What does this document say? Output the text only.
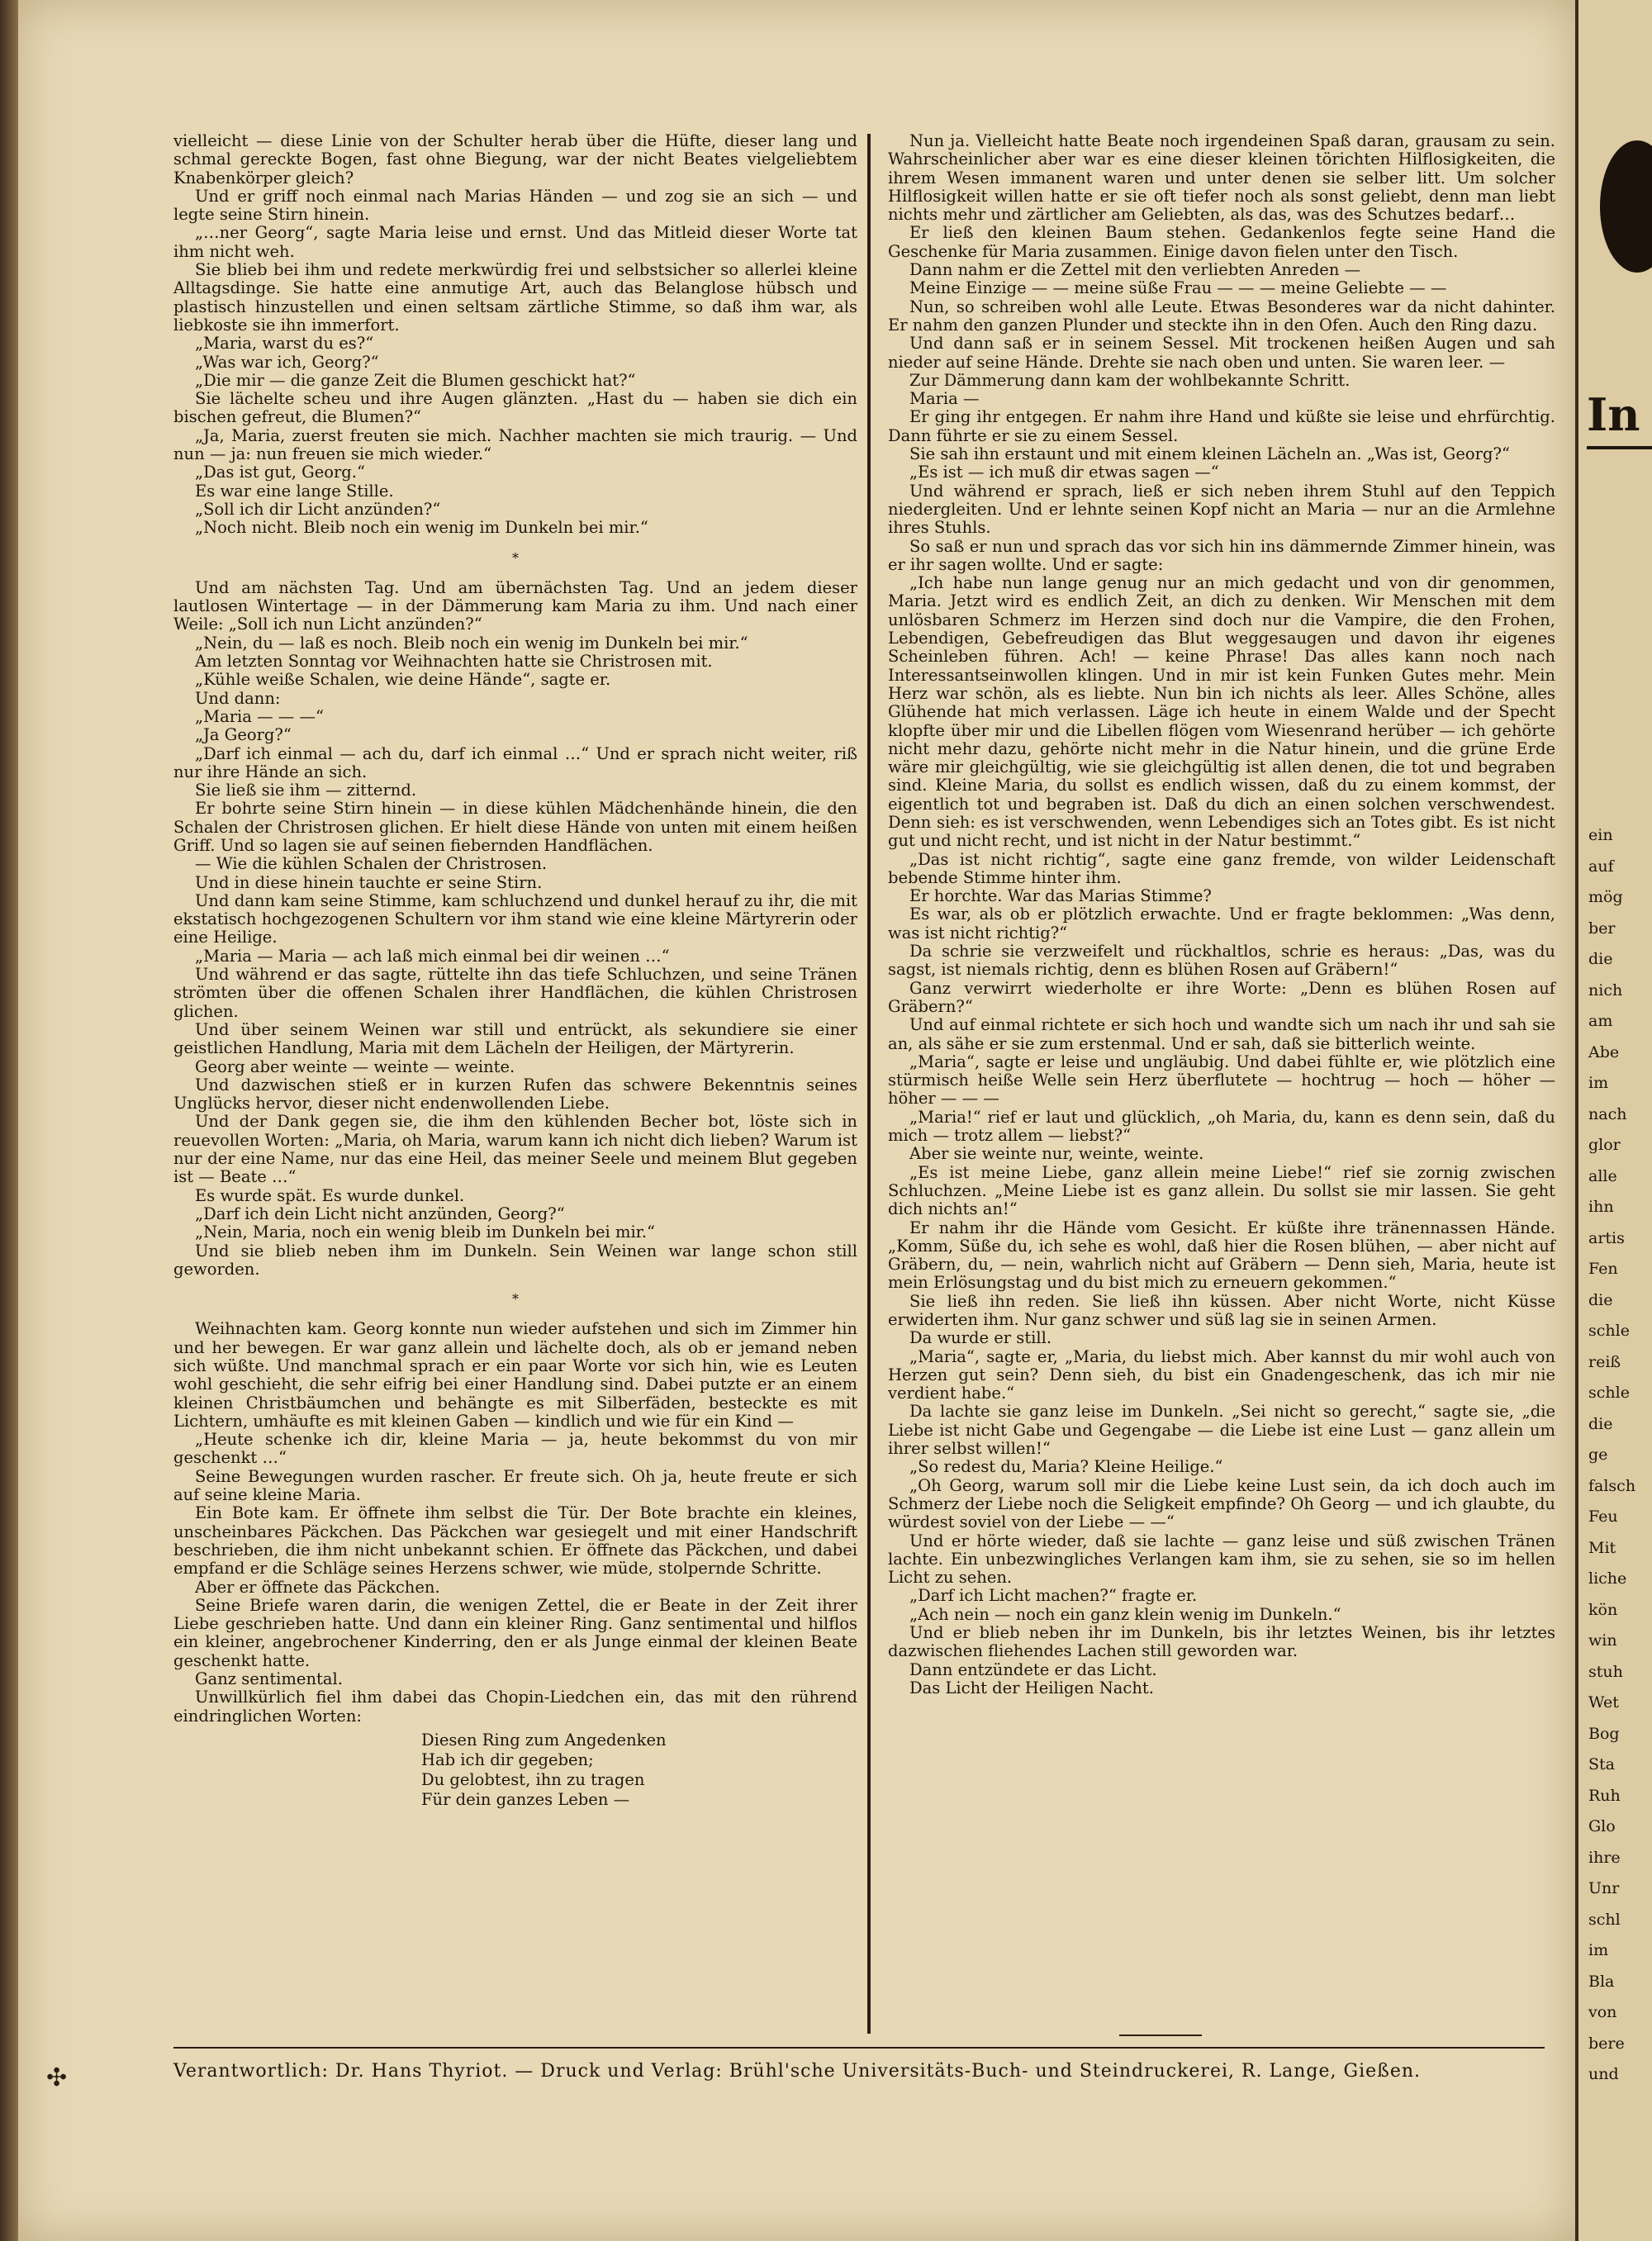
vielleicht — diese Linie von der Schulter herab über die Hüfte, dieser lang und schmal gereckte Bogen, fast ohne Biegung, war der nicht Beates vielgeliebtem Knabenkörper gleich?

Und er griff noch einmal nach Marias Händen — und zog sie an sich — und legte seine Stirn hinein.

„…ner Georg“, sagte Maria leise und ernst. Und das Mitleid dieser Worte tat ihm nicht weh.

Sie blieb bei ihm und redete merkwürdig frei und selbstsicher so allerlei kleine Alltagsdinge. Sie hatte eine anmutige Art, auch das Belanglose hübsch und plastisch hinzustellen und einen seltsam zärtliche Stimme, so daß ihm war, als liebkoste sie ihn immerfort.

„Maria, warst du es?“

„Was war ich, Georg?“

„Die mir — die ganze Zeit die Blumen geschickt hat?“

Sie lächelte scheu und ihre Augen glänzten. „Hast du — haben sie dich ein bischen gefreut, die Blumen?“

„Ja, Maria, zuerst freuten sie mich. Nachher machten sie mich traurig. — Und nun — ja: nun freuen sie mich wieder.“

„Das ist gut, Georg.“

Es war eine lange Stille.

„Soll ich dir Licht anzünden?“

„Noch nicht. Bleib noch ein wenig im Dunkeln bei mir.“

*

Und am nächsten Tag. Und am übernächsten Tag. Und an jedem dieser lautlosen Wintertage — in der Dämmerung kam Maria zu ihm. Und nach einer Weile: „Soll ich nun Licht anzünden?“

„Nein, du — laß es noch. Bleib noch ein wenig im Dunkeln bei mir.“

Am letzten Sonntag vor Weihnachten hatte sie Christrosen mit.

„Kühle weiße Schalen, wie deine Hände“, sagte er.

Und dann:

„Maria — — —“

„Ja Georg?“

„Darf ich einmal — ach du, darf ich einmal …“ Und er sprach nicht weiter, riß nur ihre Hände an sich.

Sie ließ sie ihm — zitternd.

Er bohrte seine Stirn hinein — in diese kühlen Mädchenhände hinein, die den Schalen der Christrosen glichen. Er hielt diese Hände von unten mit einem heißen Griff. Und so lagen sie auf seinen fiebernden Handflächen.

— Wie die kühlen Schalen der Christrosen.

Und in diese hinein tauchte er seine Stirn.

Und dann kam seine Stimme, kam schluchzend und dunkel herauf zu ihr, die mit ekstatisch hochgezogenen Schultern vor ihm stand wie eine kleine Märtyrerin oder eine Heilige.

„Maria — Maria — ach laß mich einmal bei dir weinen …“

Und während er das sagte, rüttelte ihn das tiefe Schluchzen, und seine Tränen strömten über die offenen Schalen ihrer Handflächen, die kühlen Christrosen glichen.

Und über seinem Weinen war still und entrückt, als sekundiere sie einer geistlichen Handlung, Maria mit dem Lächeln der Heiligen, der Märtyrerin.

Georg aber weinte — weinte — weinte.

Und dazwischen stieß er in kurzen Rufen das schwere Bekenntnis seines Unglücks hervor, dieser nicht endenwollenden Liebe.

Und der Dank gegen sie, die ihm den kühlenden Becher bot, löste sich in reuevollen Worten: „Maria, oh Maria, warum kann ich nicht dich lieben? Warum ist nur der eine Name, nur das eine Heil, das meiner Seele und meinem Blut gegeben ist — Beate …“

Es wurde spät. Es wurde dunkel.

„Darf ich dein Licht nicht anzünden, Georg?“

„Nein, Maria, noch ein wenig bleib im Dunkeln bei mir.“

Und sie blieb neben ihm im Dunkeln. Sein Weinen war lange schon still geworden.

*

Weihnachten kam. Georg konnte nun wieder aufstehen und sich im Zimmer hin und her bewegen. Er war ganz allein und lächelte doch, als ob er jemand neben sich wüßte. Und manchmal sprach er ein paar Worte vor sich hin, wie es Leuten wohl geschieht, die sehr eifrig bei einer Handlung sind. Dabei putzte er an einem kleinen Christbäumchen und behängte es mit Silberfäden, besteckte es mit Lichtern, umhäufte es mit kleinen Gaben — kindlich und wie für ein Kind —

„Heute schenke ich dir, kleine Maria — ja, heute bekommst du von mir geschenkt …“

Seine Bewegungen wurden rascher. Er freute sich. Oh ja, heute freute er sich auf seine kleine Maria.

Ein Bote kam. Er öffnete ihm selbst die Tür. Der Bote brachte ein kleines, unscheinbares Päckchen. Das Päckchen war gesiegelt und mit einer Handschrift beschrieben, die ihm nicht unbekannt schien. Er öffnete das Päckchen, und dabei empfand er die Schläge seines Herzens schwer, wie müde, stolpernde Schritte.

Aber er öffnete das Päckchen.

Seine Briefe waren darin, die wenigen Zettel, die er Beate in der Zeit ihrer Liebe geschrieben hatte. Und dann ein kleiner Ring. Ganz sentimental und hilflos ein kleiner, angebrochener Kinderring, den er als Junge einmal der kleinen Beate geschenkt hatte.

Ganz sentimental.

Unwillkürlich fiel ihm dabei das Chopin-Liedchen ein, das mit den rührend eindringlichen Worten:

Diesen Ring zum Angedenken
Hab ich dir gegeben;
Du gelobtest, ihn zu tragen
Für dein ganzes Leben —

Nun ja. Vielleicht hatte Beate noch irgendeinen Spaß daran, grausam zu sein. Wahrscheinlicher aber war es eine dieser kleinen törichten Hilflosigkeiten, die ihrem Wesen immanent waren und unter denen sie selber litt. Um solcher Hilflosigkeit willen hatte er sie oft tiefer noch als sonst geliebt, denn man liebt nichts mehr und zärtlicher am Geliebten, als das, was des Schutzes bedarf…

Er ließ den kleinen Baum stehen. Gedankenlos fegte seine Hand die Geschenke für Maria zusammen. Einige davon fielen unter den Tisch.

Dann nahm er die Zettel mit den verliebten Anreden —

Meine Einzige — — meine süße Frau — — — meine Geliebte — —

Nun, so schreiben wohl alle Leute. Etwas Besonderes war da nicht dahinter. Er nahm den ganzen Plunder und steckte ihn in den Ofen. Auch den Ring dazu.

Und dann saß er in seinem Sessel. Mit trockenen heißen Augen und sah nieder auf seine Hände. Drehte sie nach oben und unten. Sie waren leer. —

Zur Dämmerung dann kam der wohlbekannte Schritt.

Maria —

Er ging ihr entgegen. Er nahm ihre Hand und küßte sie leise und ehrfürchtig. Dann führte er sie zu einem Sessel.

Sie sah ihn erstaunt und mit einem kleinen Lächeln an. „Was ist, Georg?“

„Es ist — ich muß dir etwas sagen —“

Und während er sprach, ließ er sich neben ihrem Stuhl auf den Teppich niedergleiten. Und er lehnte seinen Kopf nicht an Maria — nur an die Armlehne ihres Stuhls.

So saß er nun und sprach das vor sich hin ins dämmernde Zimmer hinein, was er ihr sagen wollte. Und er sagte:

„Ich habe nun lange genug nur an mich gedacht und von dir genommen, Maria. Jetzt wird es endlich Zeit, an dich zu denken. Wir Menschen mit dem unlösbaren Schmerz im Herzen sind doch nur die Vampire, die den Frohen, Lebendigen, Gebefreudigen das Blut weggesaugen und davon ihr eigenes Scheinleben führen. Ach! — keine Phrase! Das alles kann noch nach Interessantseinwollen klingen. Und in mir ist kein Funken Gutes mehr. Mein Herz war schön, als es liebte. Nun bin ich nichts als leer. Alles Schöne, alles Glühende hat mich verlassen. Läge ich heute in einem Walde und der Specht klopfte über mir und die Libellen flögen vom Wiesenrand herüber — ich gehörte nicht mehr dazu, gehörte nicht mehr in die Natur hinein, und die grüne Erde wäre mir gleichgültig, wie sie gleichgültig ist allen denen, die tot und begraben sind. Kleine Maria, du sollst es endlich wissen, daß du zu einem kommst, der eigentlich tot und begraben ist. Daß du dich an einen solchen verschwendest. Denn sieh: es ist verschwenden, wenn Lebendiges sich an Totes gibt. Es ist nicht gut und nicht recht, und ist nicht in der Natur bestimmt.“

„Das ist nicht richtig“, sagte eine ganz fremde, von wilder Leidenschaft bebende Stimme hinter ihm.

Er horchte. War das Marias Stimme?

Es war, als ob er plötzlich erwachte. Und er fragte beklommen: „Was denn, was ist nicht richtig?“

Da schrie sie verzweifelt und rückhaltlos, schrie es heraus: „Das, was du sagst, ist niemals richtig, denn es blühen Rosen auf Gräbern!“

Ganz verwirrt wiederholte er ihre Worte: „Denn es blühen Rosen auf Gräbern?“

Und auf einmal richtete er sich hoch und wandte sich um nach ihr und sah sie an, als sähe er sie zum erstenmal. Und er sah, daß sie bitterlich weinte.

„Maria“, sagte er leise und ungläubig. Und dabei fühlte er, wie plötzlich eine stürmisch heiße Welle sein Herz überflutete — hochtrug — hoch — höher — höher — — —

„Maria!“ rief er laut und glücklich, „oh Maria, du, kann es denn sein, daß du mich — trotz allem — liebst?“

Aber sie weinte nur, weinte, weinte.

„Es ist meine Liebe, ganz allein meine Liebe!“ rief sie zornig zwischen Schluchzen. „Meine Liebe ist es ganz allein. Du sollst sie mir lassen. Sie geht dich nichts an!“

Er nahm ihr die Hände vom Gesicht. Er küßte ihre tränennassen Hände. „Komm, Süße du, ich sehe es wohl, daß hier die Rosen blühen, — aber nicht auf Gräbern, du, — nein, wahrlich nicht auf Gräbern — Denn sieh, Maria, heute ist mein Erlösungstag und du bist mich zu erneuern gekommen.“

Sie ließ ihn reden. Sie ließ ihn küssen. Aber nicht Worte, nicht Küsse erwiderten ihm. Nur ganz schwer und süß lag sie in seinen Armen.

Da wurde er still.

„Maria“, sagte er, „Maria, du liebst mich. Aber kannst du mir wohl auch von Herzen gut sein? Denn sieh, du bist ein Gnadengeschenk, das ich mir nie verdient habe.“

Da lachte sie ganz leise im Dunkeln. „Sei nicht so gerecht,“ sagte sie, „die Liebe ist nicht Gabe und Gegengabe — die Liebe ist eine Lust — ganz allein um ihrer selbst willen!“

„So redest du, Maria? Kleine Heilige.“

„Oh Georg, warum soll mir die Liebe keine Lust sein, da ich doch auch im Schmerz der Liebe noch die Seligkeit empfinde? Oh Georg — und ich glaubte, du würdest soviel von der Liebe — —“

Und er hörte wieder, daß sie lachte — ganz leise und süß zwischen Tränen lachte. Ein unbezwingliches Verlangen kam ihm, sie zu sehen, sie so im hellen Licht zu sehen.

„Darf ich Licht machen?“ fragte er.

„Ach nein — noch ein ganz klein wenig im Dunkeln.“

Und er blieb neben ihr im Dunkeln, bis ihr letztes Weinen, bis ihr letztes dazwischen fliehendes Lachen still geworden war.

Dann entzündete er das Licht.

Das Licht der Heiligen Nacht.

Verantwortlich: Dr. Hans Thyriot. — Druck und Verlag: Brühl'sche Universitäts-Buch- und Steindruckerei, R. Lange, Gießen.
✣
In
ein
auf
mög
ber
die
nich
am
Abe
im
nach
glor
alle
ihn
artis
Fen
die
schle
reiß
schle
die
ge
falsch
Feu
Mit
liche
kön
win
stuh
Wet
Bog
Sta
Ruh
Glo
ihre
Unr
schl
im
Bla
von
bere
und
